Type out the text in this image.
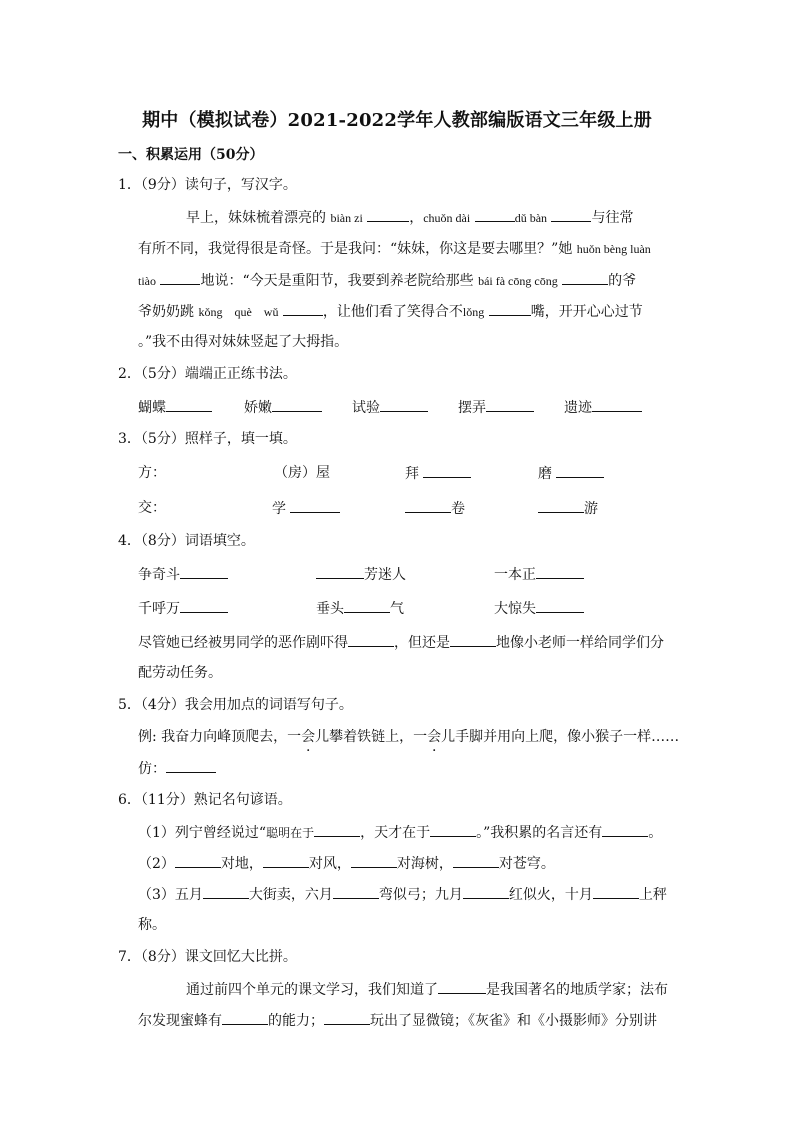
期中（模拟试卷）2021-2022学年人教部编版语文三年级上册
一、积累运用（50分）
1．（9分）读句子，写汉字。
早上，妹妹梳着漂亮的 biàn zi	，chuǒn dài	dǔ bàn	与往常
有所不同，我觉得很是奇怪。于是我问：“妹妹，你这是要去哪里？”她 huǒn bèng luàn
tiào	地说：“今天是重阳节，我要到养老院给那些 bái fà cōng cōng	的爷
爷奶奶跳 kǒng　què　wǔ	，让他们看了笑得合不lǒng	嘴，开开心心过节
。”我不由得对妹妹竖起了大拇指。
2．（5分）端端正正练书法。
蝴蝶	娇嫩	试验	摆弄	遗迹
3．（5分）照样子，填一填。
方：	（房）屋	拜	磨
交：	学	卷	游
4．（8分）词语填空。
争奇斗	芳迷人	一本正
千呼万	垂头	气	大惊失
尽管她已经被男同学的恶作剧吓得	，但还是	地像小老师一样给同学们分
配劳动任务。
5．（4分）我会用加点的词语写句子。
例: 我奋力向峰顶爬去，一会儿攀着铁链上，一会儿手脚并用向上爬，像小猴子一样……
仿：
6．（11分）熟记名句谚语。
（1）列宁曾经说过“聪明在于	，天才在于	。”我积累的名言还有	。
（2）	对地，	对风，	对海树，	对苍穹。
（3）五月	大街卖，六月	弯似弓；九月	红似火，十月	上秤
称。
7．（8分）课文回忆大比拼。
通过前四个单元的课文学习，我们知道了	是我国著名的地质学家；法布
尔发现蜜蜂有	的能力；	玩出了显微镜；《灰雀》和《小摄影师》分别讲
